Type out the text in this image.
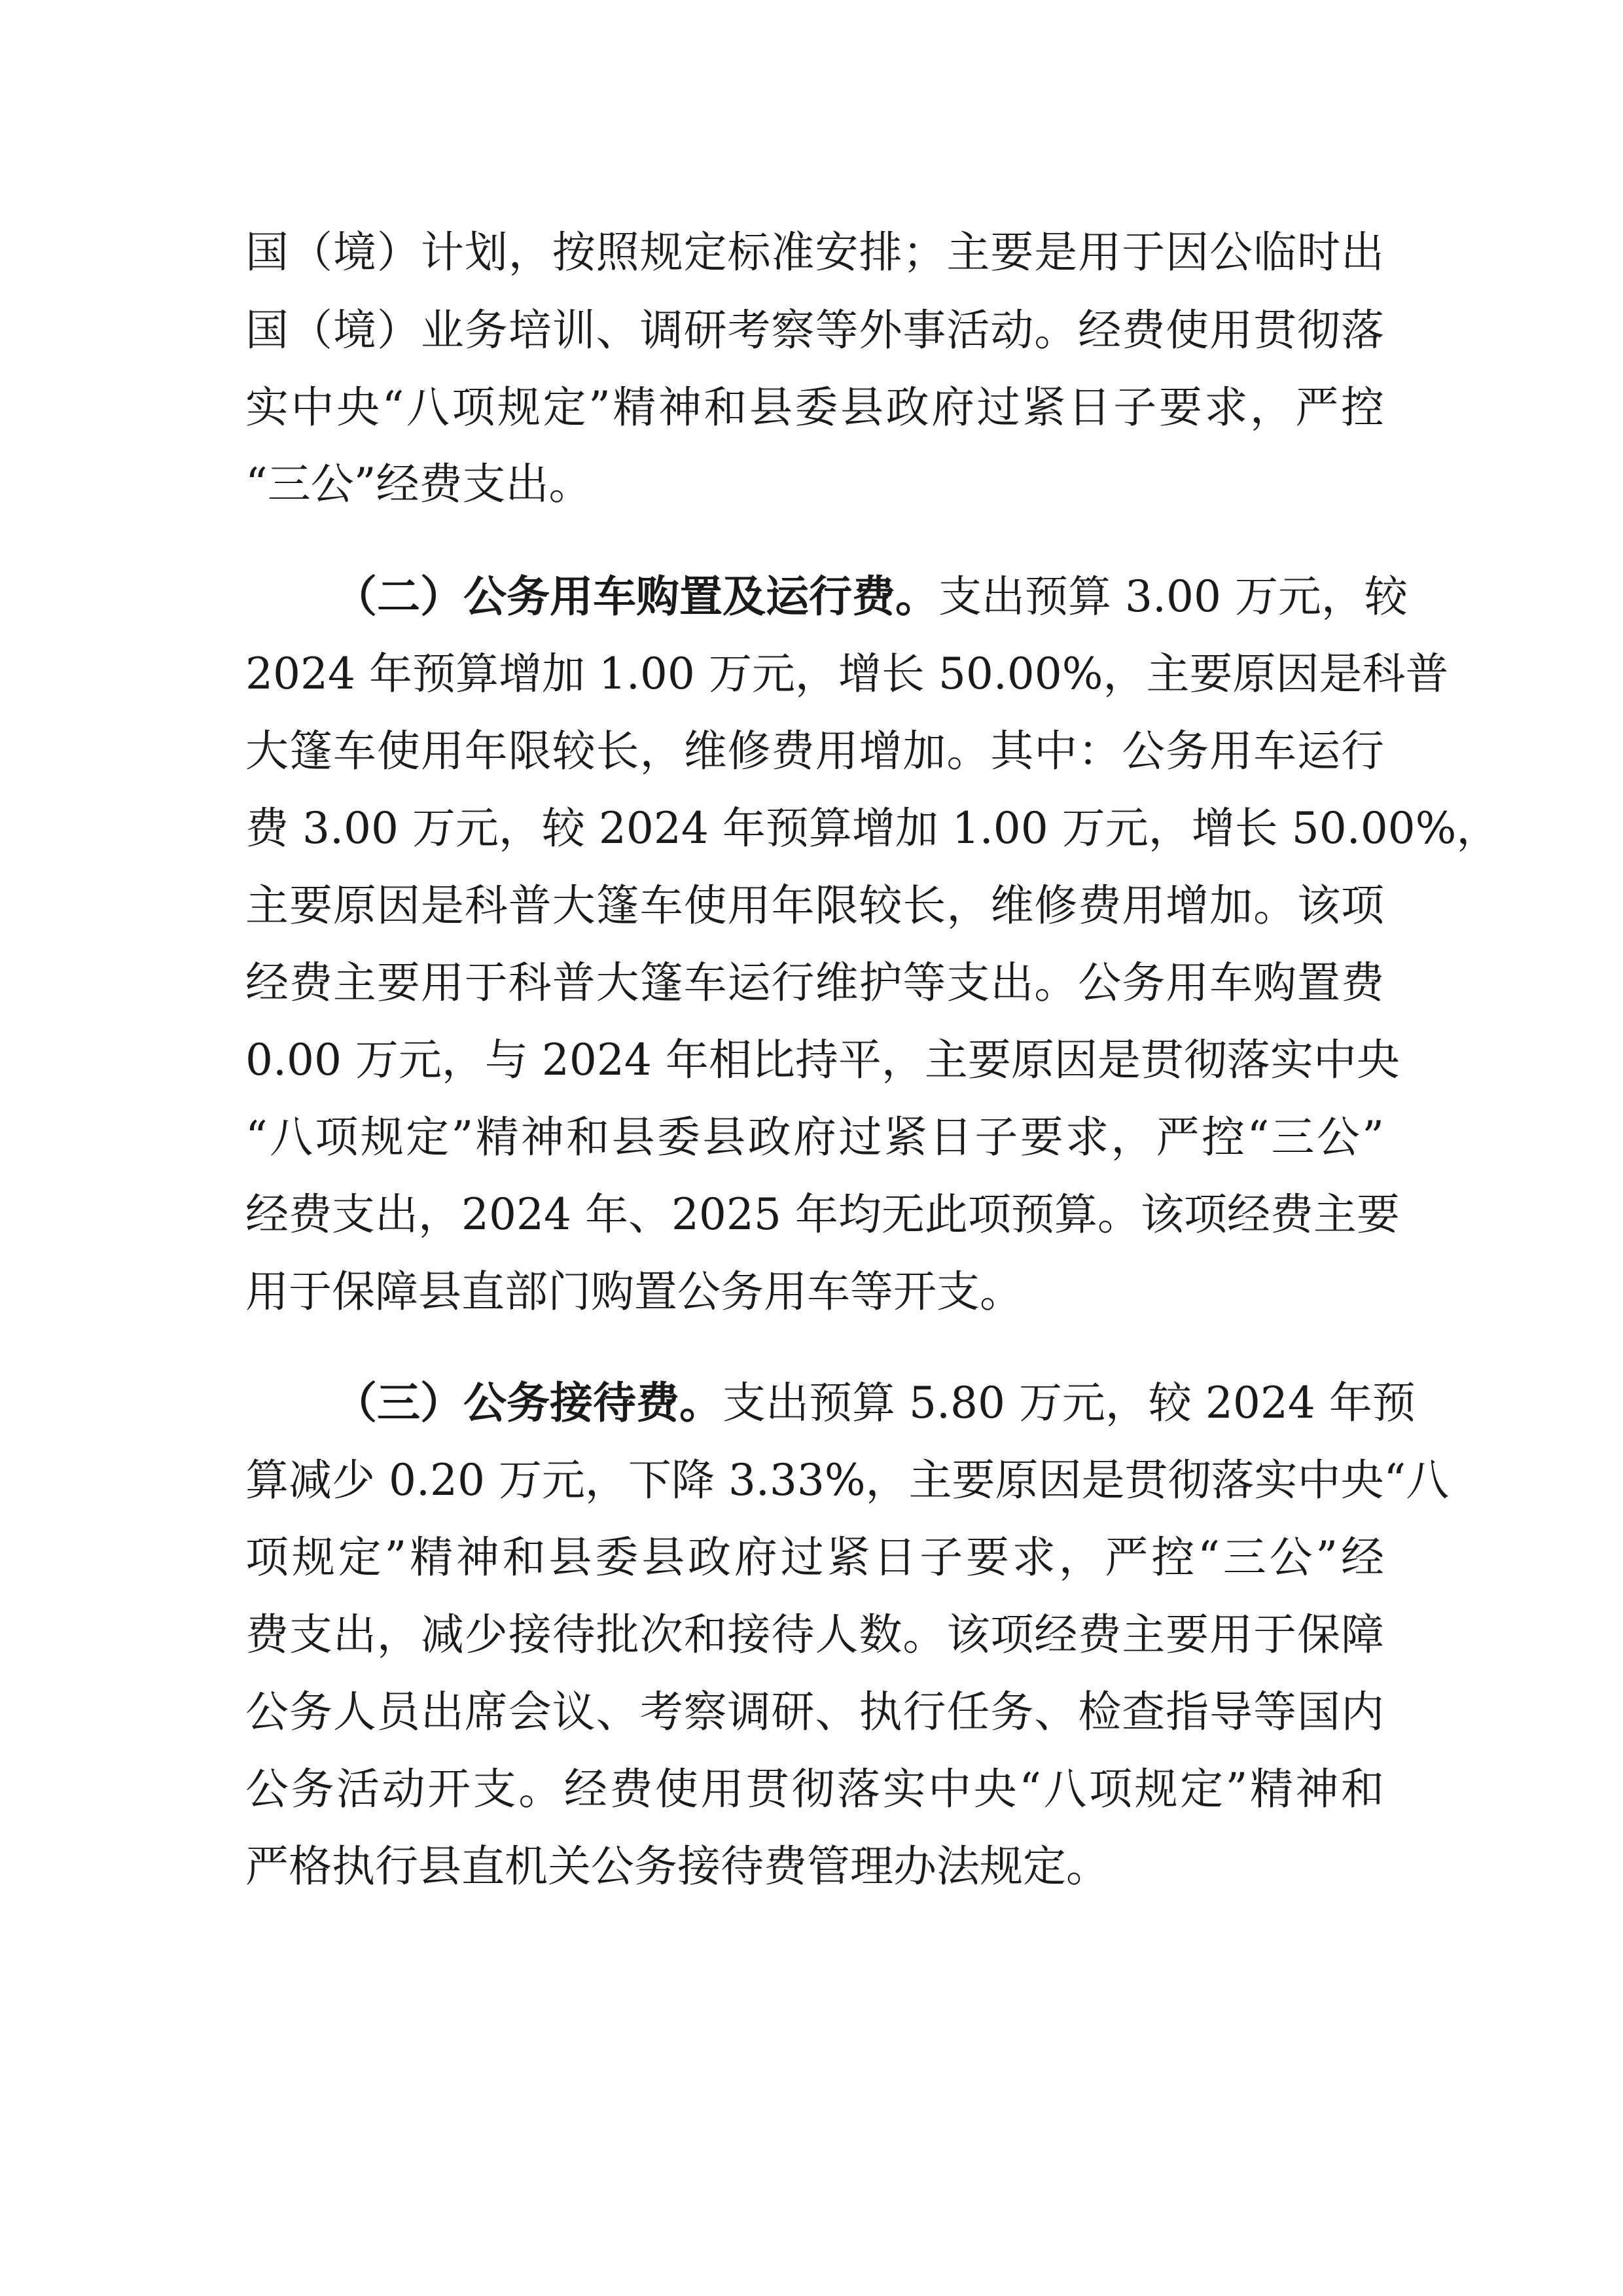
国（境）计划，按照规定标准安排；主要是用于因公临时出
国（境）业务培训、调研考察等外事活动。经费使用贯彻落
实中央“八项规定”精神和县委县政府过紧日子要求，严控
“三公”经费支出。
（二）公务用车购置及运行费。支出预算 3.00 万元，较
2024 年预算增加 1.00 万元，增长 50.00%，主要原因是科普
大篷车使用年限较长，维修费用增加。其中：公务用车运行
费 3.00 万元，较 2024 年预算增加 1.00 万元，增长 50.00%，
主要原因是科普大篷车使用年限较长，维修费用增加。该项
经费主要用于科普大篷车运行维护等支出。公务用车购置费
0.00 万元，与 2024 年相比持平，主要原因是贯彻落实中央
“八项规定”精神和县委县政府过紧日子要求，严控“三公”
经费支出，2024 年、2025 年均无此项预算。该项经费主要
用于保障县直部门购置公务用车等开支。
（三）公务接待费。支出预算 5.80 万元，较 2024 年预
算减少 0.20 万元，下降 3.33%，主要原因是贯彻落实中央“八
项规定”精神和县委县政府过紧日子要求，严控“三公”经
费支出，减少接待批次和接待人数。该项经费主要用于保障
公务人员出席会议、考察调研、执行任务、检查指导等国内
公务活动开支。经费使用贯彻落实中央“八项规定”精神和
严格执行县直机关公务接待费管理办法规定。
